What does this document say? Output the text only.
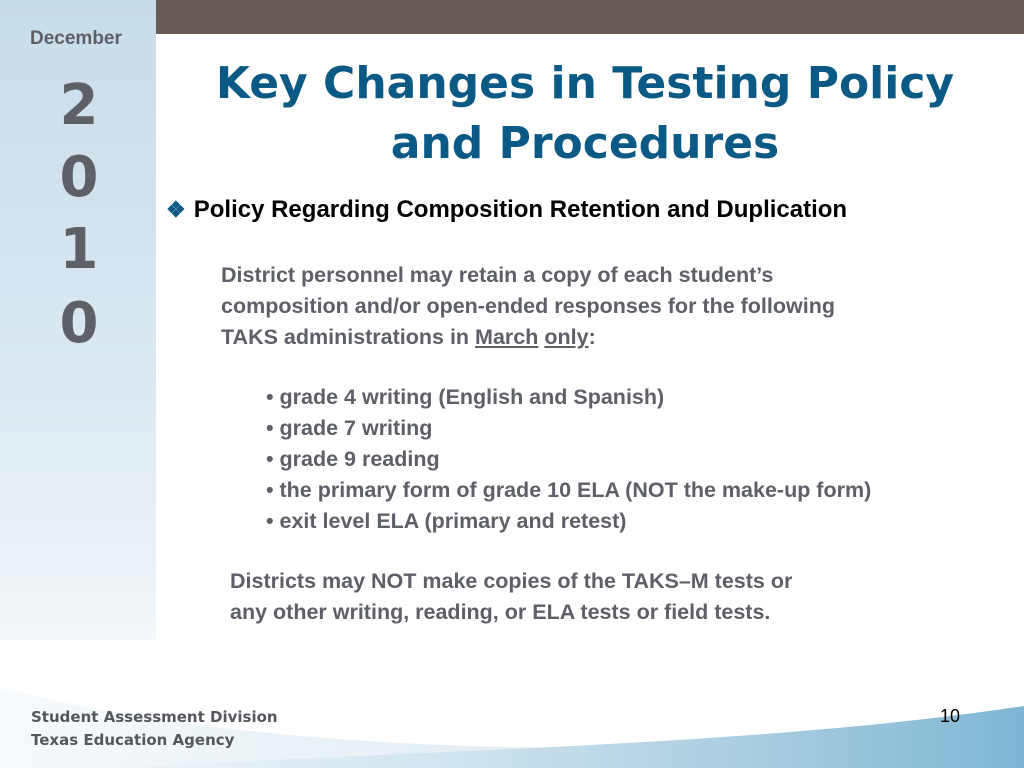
December
2
0
1
0
Key Changes in Testing Policy
and Procedures
❖ Policy Regarding Composition Retention and Duplication
District personnel may retain a copy of each student’s
composition and/or open-ended responses for the following
TAKS administrations in March only:
• grade 4 writing (English and Spanish)
• grade 7 writing
• grade 9 reading
• the primary form of grade 10 ELA (NOT the make-up form)
• exit level ELA (primary and retest)
Districts may NOT make copies of the TAKS–M tests or
any other writing, reading, or ELA tests or field tests.
Student Assessment Division
Texas Education Agency
10
